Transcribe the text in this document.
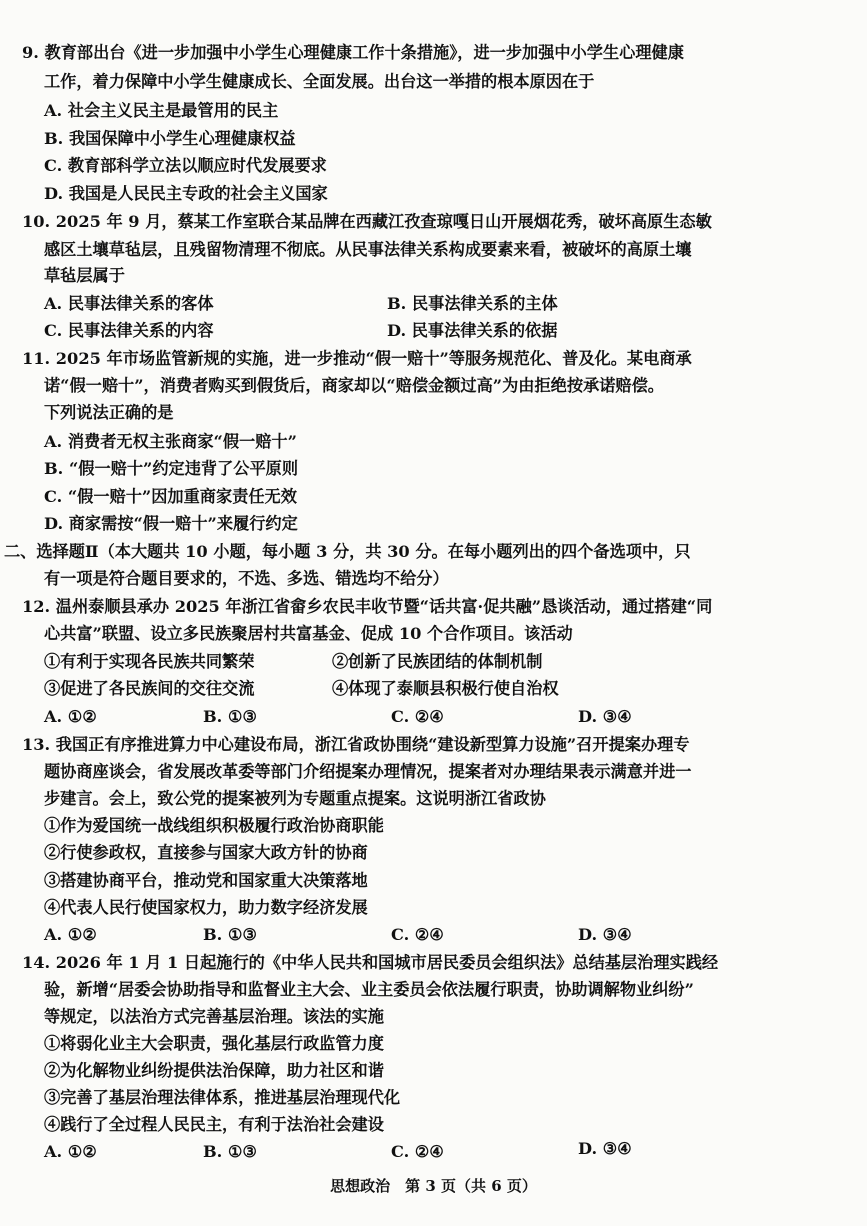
9. 教育部出台《进一步加强中小学生心理健康工作十条措施》，进一步加强中小学生心理健康
工作，着力保障中小学生健康成长、全面发展。出台这一举措的根本原因在于
A. 社会主义民主是最管用的民主
B. 我国保障中小学生心理健康权益
C. 教育部科学立法以顺应时代发展要求
D. 我国是人民民主专政的社会主义国家
10. 2025 年 9 月，蔡某工作室联合某品牌在西藏江孜查琼嘎日山开展烟花秀，破坏高原生态敏
感区土壤草毡层，且残留物清理不彻底。从民事法律关系构成要素来看，被破坏的高原土壤
草毡层属于
A. 民事法律关系的客体	B. 民事法律关系的主体
C. 民事法律关系的内容	D. 民事法律关系的依据
11. 2025 年市场监管新规的实施，进一步推动“假一赔十”等服务规范化、普及化。某电商承
诺“假一赔十”，消费者购买到假货后，商家却以“赔偿金额过高”为由拒绝按承诺赔偿。
下列说法正确的是
A. 消费者无权主张商家“假一赔十”
B. “假一赔十”约定违背了公平原则
C. “假一赔十”因加重商家责任无效
D. 商家需按“假一赔十”来履行约定
二、选择题Ⅱ（本大题共 10 小题，每小题 3 分，共 30 分。在每小题列出的四个备选项中，只
有一项是符合题目要求的，不选、多选、错选均不给分）
12. 温州泰顺县承办 2025 年浙江省畲乡农民丰收节暨“话共富·促共融”恳谈活动，通过搭建“同
心共富”联盟、设立多民族聚居村共富基金、促成 10 个合作项目。该活动
①有利于实现各民族共同繁荣	②创新了民族团结的体制机制
③促进了各民族间的交往交流	④体现了泰顺县积极行使自治权
A. ①②	B. ①③	C. ②④	D. ③④
13. 我国正有序推进算力中心建设布局，浙江省政协围绕“建设新型算力设施”召开提案办理专
题协商座谈会，省发展改革委等部门介绍提案办理情况，提案者对办理结果表示满意并进一
步建言。会上，致公党的提案被列为专题重点提案。这说明浙江省政协
①作为爱国统一战线组织积极履行政治协商职能
②行使参政权，直接参与国家大政方针的协商
③搭建协商平台，推动党和国家重大决策落地
④代表人民行使国家权力，助力数字经济发展
A. ①②	B. ①③	C. ②④	D. ③④
14. 2026 年 1 月 1 日起施行的《中华人民共和国城市居民委员会组织法》总结基层治理实践经
验，新增“居委会协助指导和监督业主大会、业主委员会依法履行职责，协助调解物业纠纷”
等规定，以法治方式完善基层治理。该法的实施
①将弱化业主大会职责，强化基层行政监管力度
②为化解物业纠纷提供法治保障，助力社区和谐
③完善了基层治理法律体系，推进基层治理现代化
④践行了全过程人民民主，有利于法治社会建设
A. ①②	B. ①③	C. ②④	D. ③④
思想政治　第 3 页（共 6 页）
